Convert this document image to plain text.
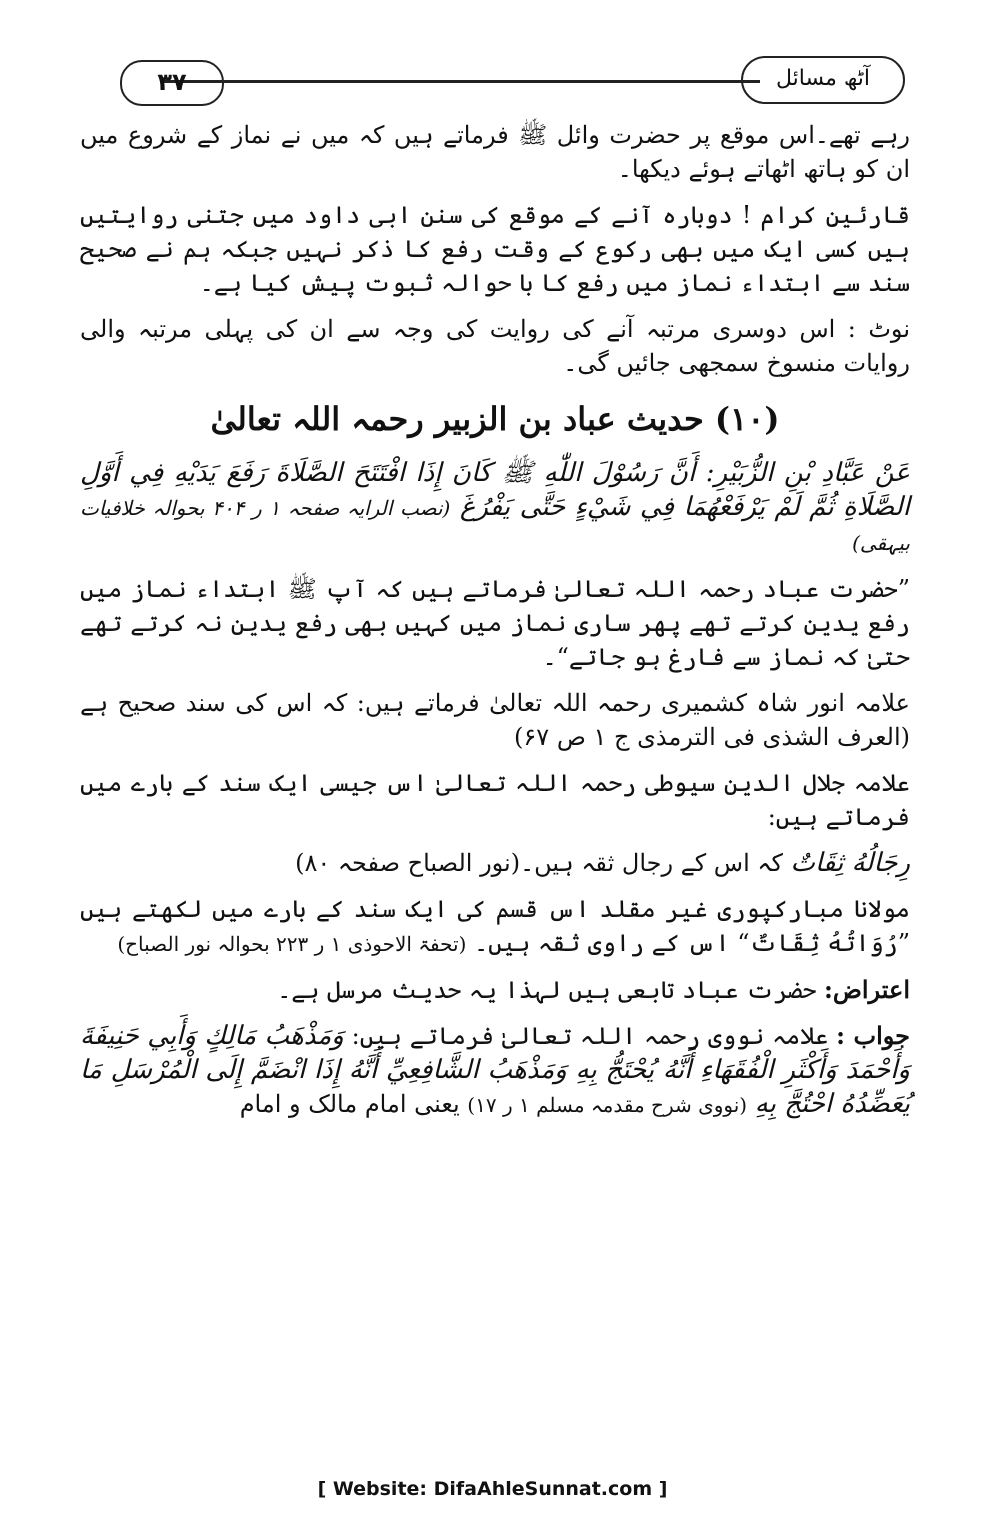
۳۷	آٹھ مسائل

رہے تھے۔اس موقع پر حضرت وائل ﷺ فرماتے ہیں کہ میں نے نماز کے شروع میں ان کو ہاتھ اٹھاتے ہوئے دیکھا۔

قارئینِ کرام ! دوبارہ آنے کے موقع کی سنن ابی داود میں جتنی روایتیں ہیں کسی ایک میں بھی رکوع کے وقت رفع کا ذکر نہیں جبکہ ہم نے صحیح سند سے ابتداء نماز میں رفع کا با حوالہ ثبوت پیش کیا ہے۔

نوٹ : اس دوسری مرتبہ آنے کی روایت کی وجہ سے ان کی پہلی مرتبہ والی روایات منسوخ سمجھی جائیں گی۔

(۱۰) حدیث عباد بن الزبیر رحمہ اللہ تعالیٰ

عَنْ عَبَّادِ بْنِ الزُّبَيْرِ: أَنَّ رَسُوْلَ اللّٰهِ ﷺ كَانَ إِذَا افْتَتَحَ الصَّلَاةَ رَفَعَ يَدَيْهِ فِي أَوَّلِ الصَّلَاةِ ثُمَّ لَمْ يَرْفَعْهُمَا فِي شَيْءٍ حَتَّى يَفْرُغَ (نصب الرایہ صفحہ ۱ ر ۴۰۴ بحوالہ خلافیات بیہقی)

”حضرت عباد رحمہ اللہ تعالیٰ فرماتے ہیں کہ آپ ﷺ ابتداء نماز میں رفع یدین کرتے تھے پھر ساری نماز میں کہیں بھی رفع یدین نہ کرتے تھے حتیٰ کہ نماز سے فارغ ہو جاتے“۔

علامہ انور شاہ کشمیری رحمہ اللہ تعالیٰ فرماتے ہیں: کہ اس کی سند صحیح ہے (العرف الشذی فی الترمذی ج ۱ ص ۶۷)

علامہ جلال الدین سیوطی رحمہ اللہ تعالیٰ اس جیسی ایک سند کے بارے میں فرماتے ہیں:

رِجَالُهُ ثِقَاتٌ کہ اس کے رجال ثقہ ہیں۔(نور الصباح صفحہ ۸۰)

مولانا مبارکپوری غیر مقلد اس قسم کی ایک سند کے بارے میں لکھتے ہیں ”رُوَاتُهُ ثِقَاتٌ“ اس کے راوی ثقہ ہیں۔ (تحفۃ الاحوذی ۱ ر ۲۲۳ بحوالہ نور الصباح)

اعتراض: حضرت عباد تابعی ہیں لہذا یہ حدیث مرسل ہے۔

جواب : علامہ نووی رحمہ اللہ تعالیٰ فرماتے ہیں: وَمَذْهَبُ مَالِكٍ وَأَبِي حَنِيفَةَ وَأَحْمَدَ وَأَكْثَرِ الْفُقَهَاءِ أَنَّهُ يُحْتَجُّ بِهِ وَمَذْهَبُ الشَّافِعِيِّ أَنَّهُ إِذَا انْضَمَّ إِلَى الْمُرْسَلِ مَا يُعَضِّدُهُ احْتُجَّ بِهِ (نووی شرح مقدمہ مسلم ۱ ر ۱۷) یعنی امام مالک و امام

[ Website: DifaAhleSunnat.com ]
